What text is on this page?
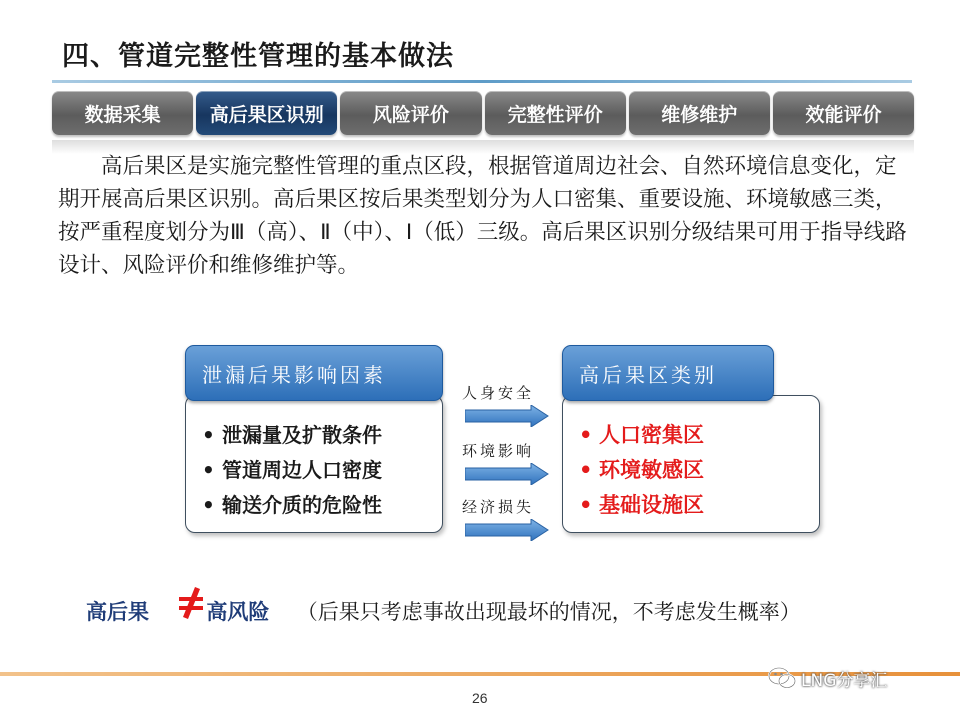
四、管道完整性管理的基本做法
数据采集	高后果区识别	风险评价	完整性评价	维修维护	效能评价
高后果区是实施完整性管理的重点区段，根据管道周边社会、自然环境信息变化，定期开展高后果区识别。高后果区按后果类型划分为人口密集、重要设施、环境敏感三类，按严重程度划分为Ⅲ（高）、Ⅱ（中）、Ⅰ（低）三级。高后果区识别分级结果可用于指导线路设计、风险评价和维修维护等。
• 泄漏量及扩散条件
• 管道周边人口密度
• 输送介质的危险性
泄漏后果影响因素
人身安全
环境影响
经济损失
• 人口密集区
• 环境敏感区
• 基础设施区
高后果区类别
高后果	高风险 （后果只考虑事故出现最坏的情况，不考虑发生概率）
26
LNG分享汇
